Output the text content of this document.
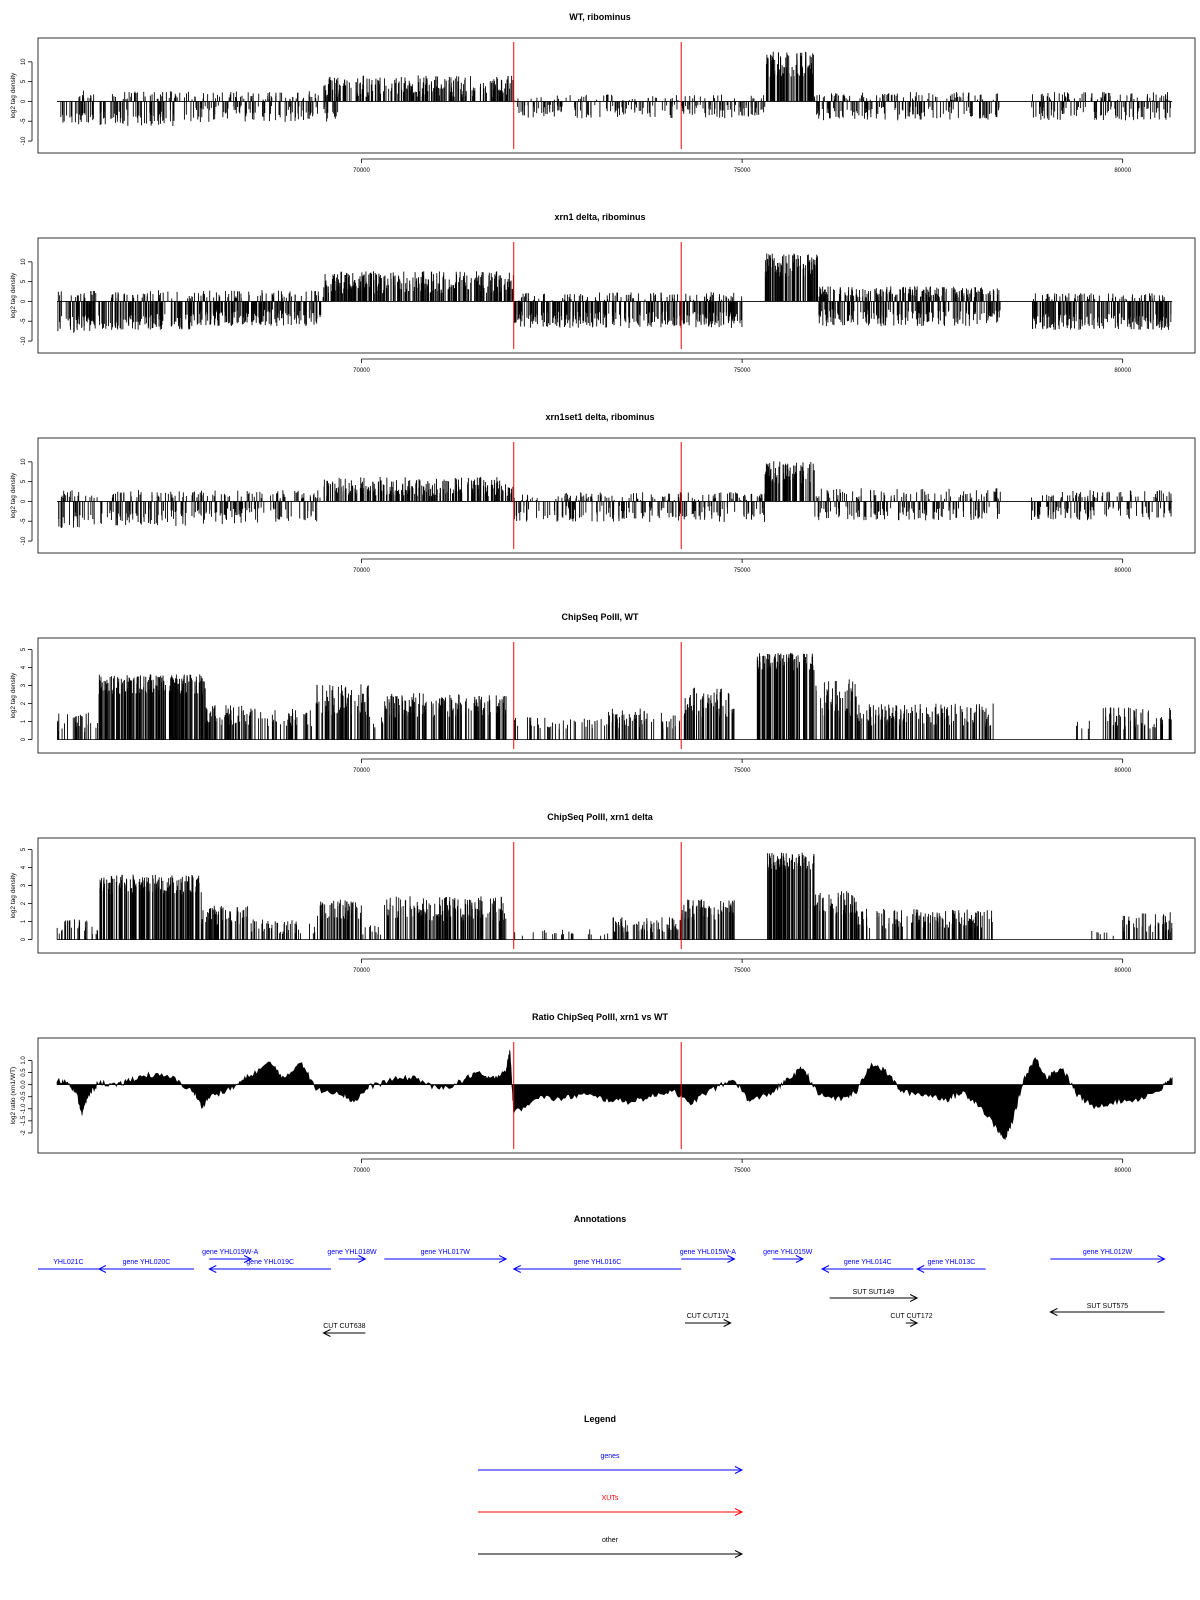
WT, ribominus
-10
-5
0
5
10
log2 tag density
70000	75000	80000
xrn1 delta, ribominus
-10
-5
0
5
10
log2 tag density
70000	75000	80000
xrn1set1 delta, ribominus
-10
-5
0
5
10
log2 tag density
70000	75000	80000
ChipSeq PolII, WT
0
1
2
3
4
5
log2 tag density
70000	75000	80000
ChipSeq PolII, xrn1 delta
0
1
2
3
4
5
log2 tag density
70000	75000	80000
Ratio ChipSeq PolII, xrn1 vs WT
-2
-1.5
-1.0
-0.5
0.0
0.5
1.0
log2 ratio (xrn1/WT)
70000	75000	80000
Annotations
YHL021C	gene YHL020C
gene YHL019W-A
gene YHL019C
gene YHL018W	gene YHL017W
gene YHL016C
gene YHL015W-A	gene YHL015W
gene YHL014C	gene YHL013C
gene YHL012W
SUT SUT149
SUT SUT575
CUT CUT171	CUT CUT172
CUT CUT638
Legend
genes
XUTs
other
